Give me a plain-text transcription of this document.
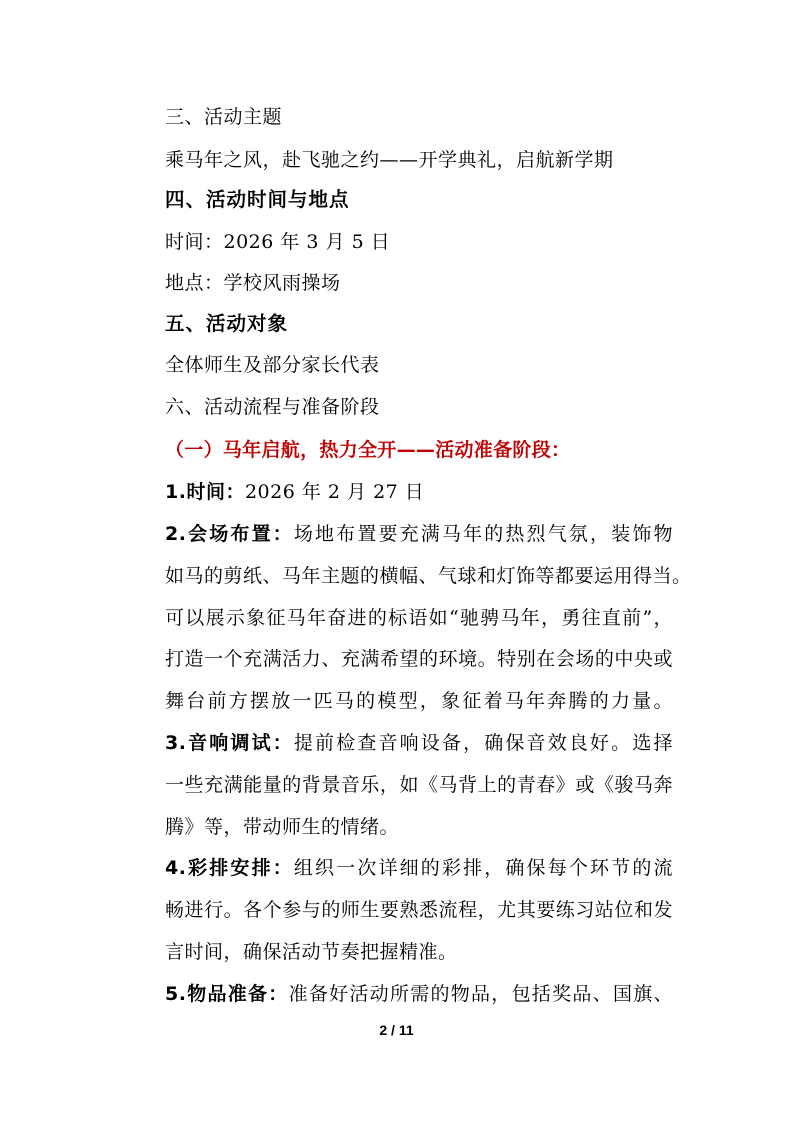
三、活动主题

乘马年之风，赴飞驰之约——开学典礼，启航新学期

四、活动时间与地点

时间：2026 年 3 月 5 日

地点：学校风雨操场

五、活动对象

全体师生及部分家长代表

六、活动流程与准备阶段

（一）马年启航，热力全开——活动准备阶段：

1.时间：2026 年 2 月 27 日

2.会场布置：场地布置要充满马年的热烈气氛，装饰物

如马的剪纸、马年主题的横幅、气球和灯饰等都要运用得当。

可以展示象征马年奋进的标语如“驰骋马年，勇往直前”，

打造一个充满活力、充满希望的环境。特别在会场的中央或

舞台前方摆放一匹马的模型，象征着马年奔腾的力量。

3.音响调试：提前检查音响设备，确保音效良好。选择

一些充满能量的背景音乐，如《马背上的青春》或《骏马奔

腾》等，带动师生的情绪。

4.彩排安排：组织一次详细的彩排，确保每个环节的流

畅进行。各个参与的师生要熟悉流程，尤其要练习站位和发

言时间，确保活动节奏把握精准。

5.物品准备：准备好活动所需的物品，包括奖品、国旗、

2 / 11
